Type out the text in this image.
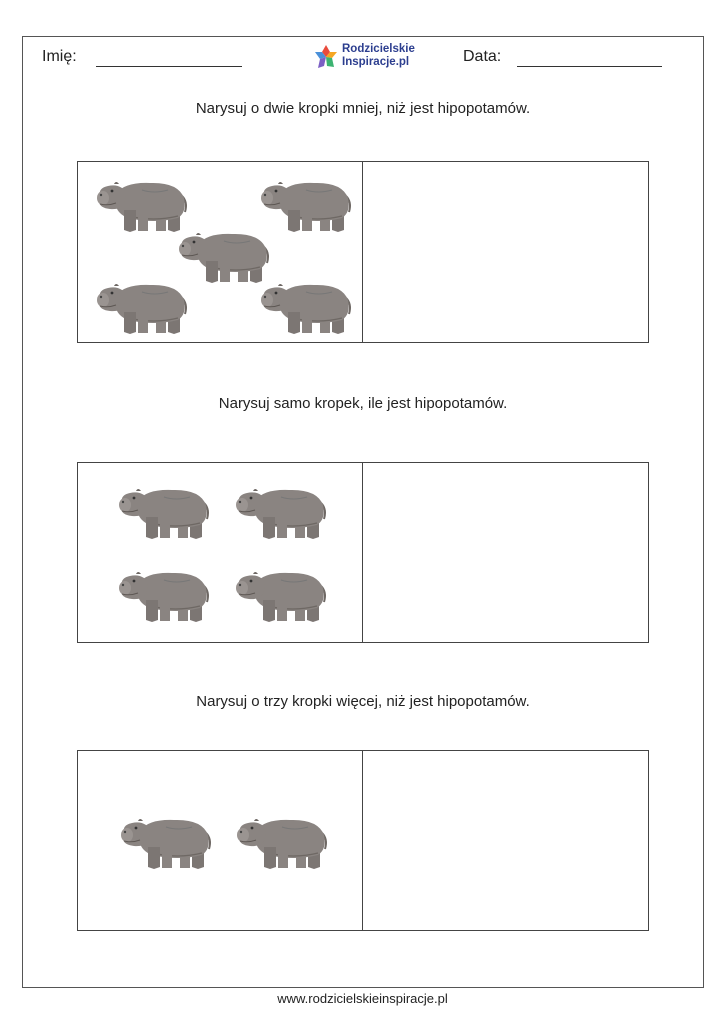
Imię:	Rodzicielskie
Inspiracje.pl	Data:
Narysuj o dwie kropki mniej, niż jest hipopotamów.
Narysuj samo kropek, ile jest hipopotamów.
Narysuj o trzy kropki więcej, niż jest hipopotamów.
www.rodzicielskieinspiracje.pl
